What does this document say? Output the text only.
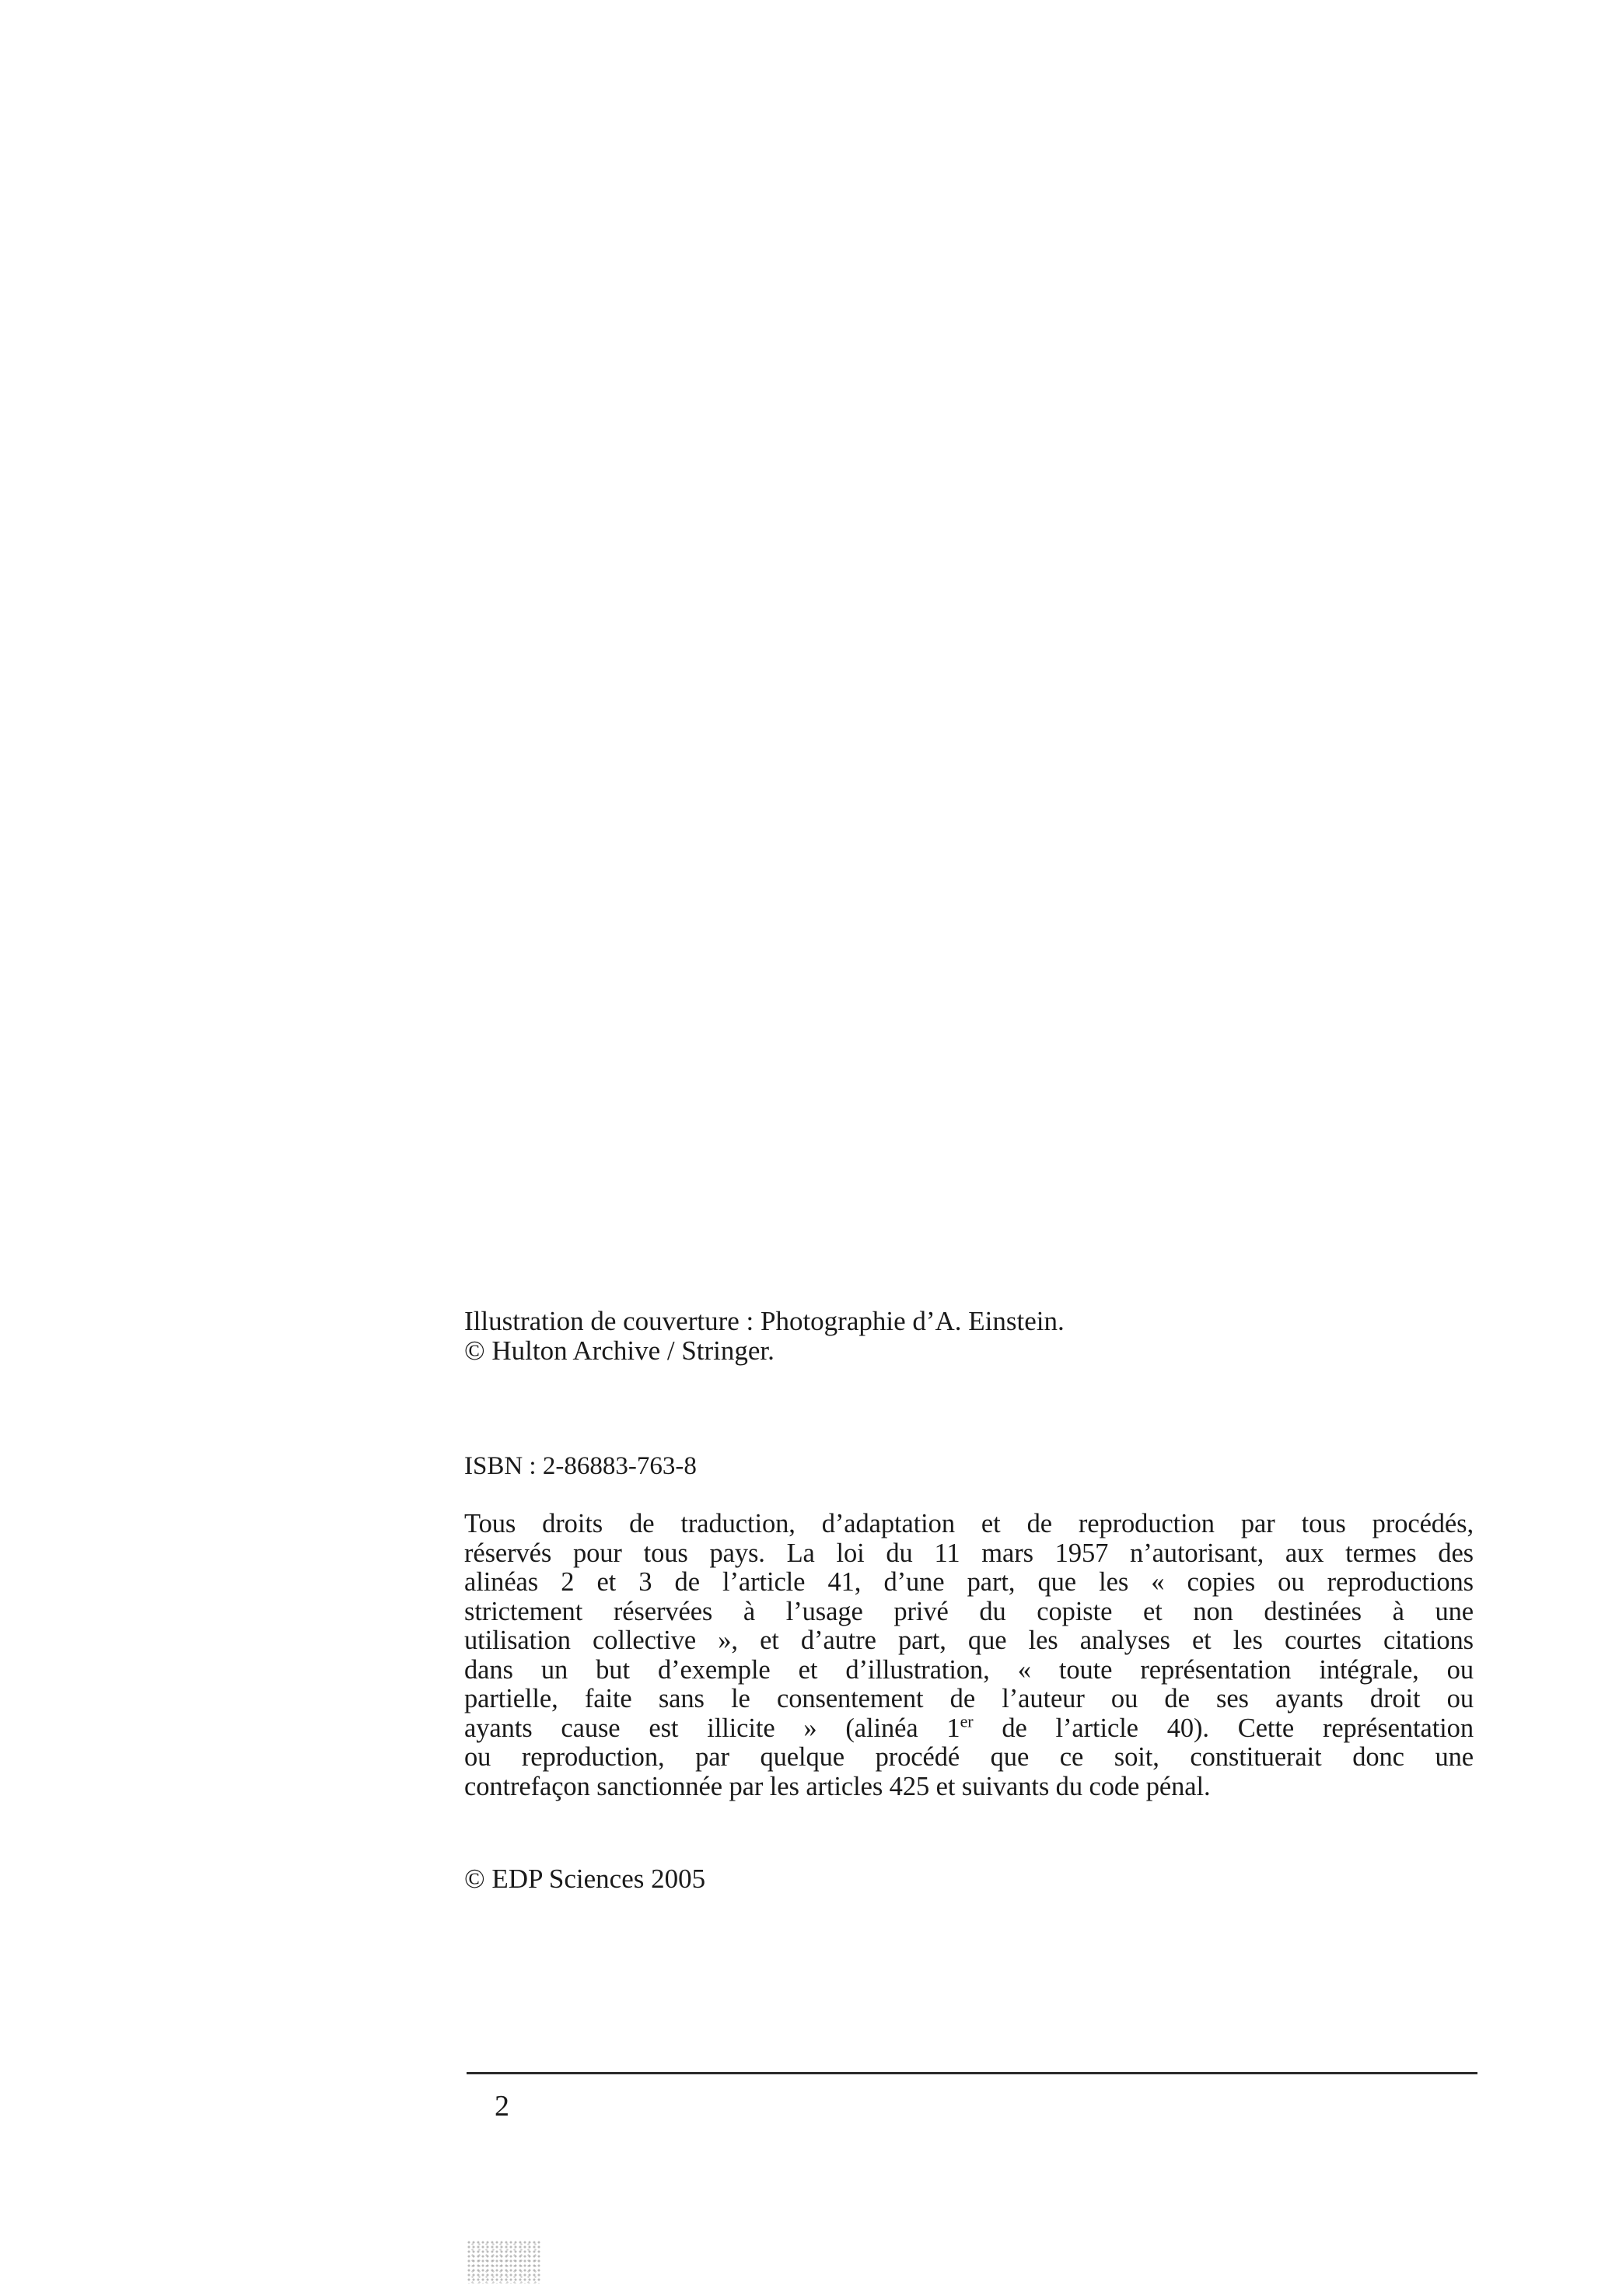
Illustration de couverture : Photographie d’A. Einstein.
© Hulton Archive / Stringer.
ISBN : 2-86883-763-8
Tous droits de traduction, d’adaptation et de reproduction par tous procédés,
réservés pour tous pays. La loi du 11 mars 1957 n’autorisant, aux termes des
alinéas 2 et 3 de l’article 41, d’une part, que les « copies ou reproductions
strictement réservées à l’usage privé du copiste et non destinées à une
utilisation collective », et d’autre part, que les analyses et les courtes citations
dans un but d’exemple et d’illustration, « toute représentation intégrale, ou
partielle, faite sans le consentement de l’auteur ou de ses ayants droit ou
ayants cause est illicite » (alinéa 1er de l’article 40). Cette représentation
ou reproduction, par quelque procédé que ce soit, constituerait donc une
contrefaçon sanctionnée par les articles 425 et suivants du code pénal.
© EDP Sciences 2005
2
